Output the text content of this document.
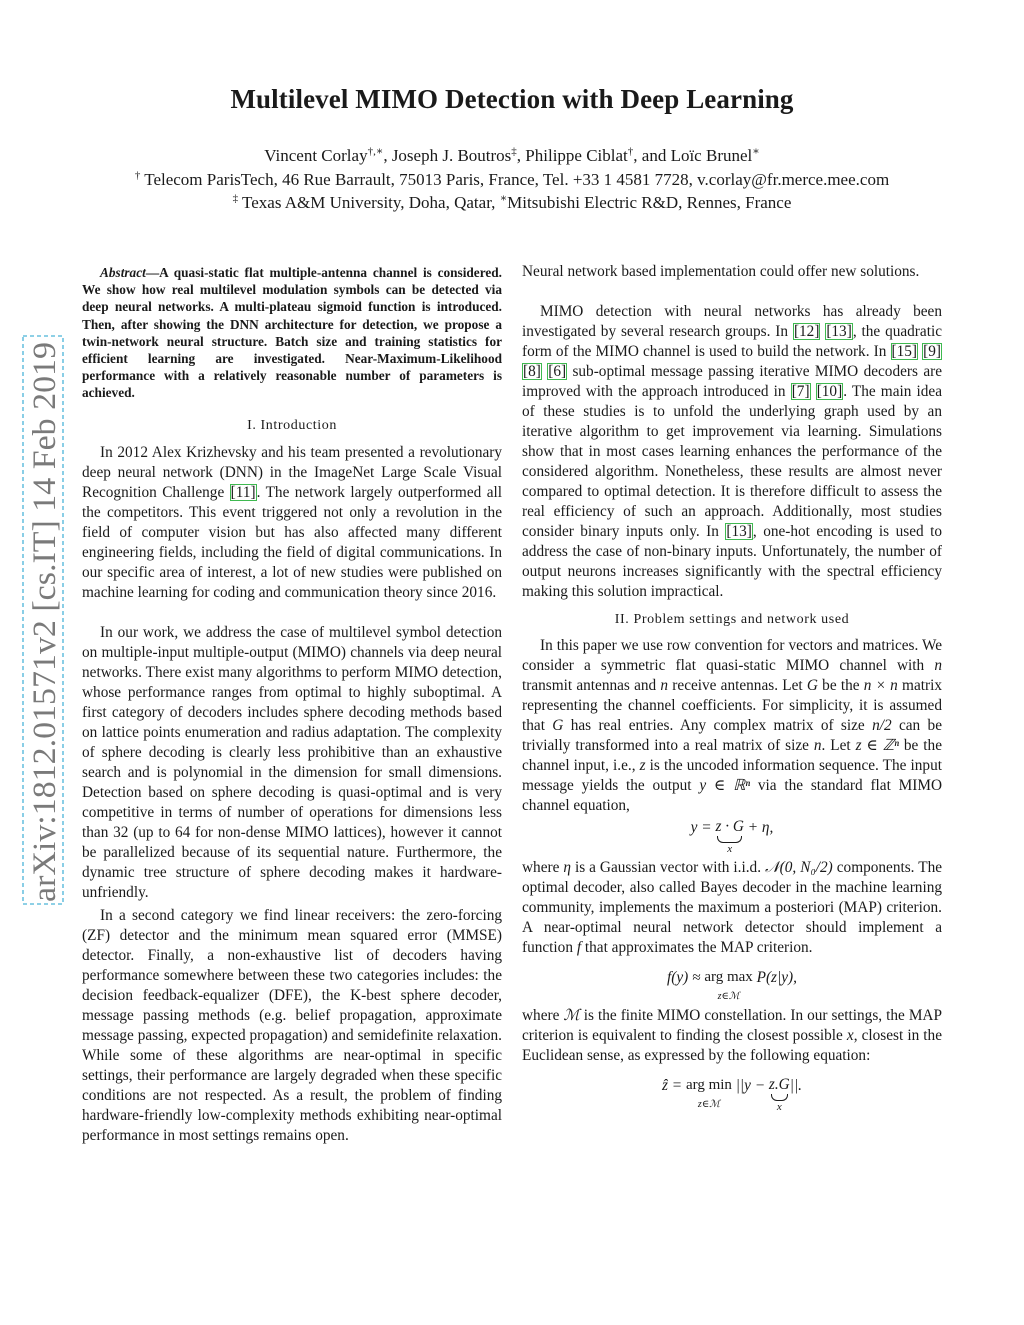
arXiv:1812.01571v2 [cs.IT] 14 Feb 2019
Multilevel MIMO Detection with Deep Learning
Vincent Corlay†,∗, Joseph J. Boutros‡, Philippe Ciblat†, and Loïc Brunel∗
† Telecom ParisTech, 46 Rue Barrault, 75013 Paris, France, Tel. +33 1 4581 7728, v.corlay@fr.merce.mee.com
‡ Texas A&M University, Doha, Qatar, ∗Mitsubishi Electric R&D, Rennes, France

Abstract—A quasi-static flat multiple-antenna channel is considered. We show how real multilevel modulation symbols can be detected via deep neural networks. A multi-plateau sigmoid function is introduced. Then, after showing the DNN architecture for detection, we propose a twin-network neural structure. Batch size and training statistics for efficient learning are investigated. Near-Maximum-Likelihood performance with a relatively reasonable number of parameters is achieved.

I. Introduction

In 2012 Alex Krizhevsky and his team presented a revolutionary deep neural network (DNN) in the ImageNet Large Scale Visual Recognition Challenge [11]. The network largely outperformed all the competitors. This event triggered not only a revolution in the field of computer vision but has also affected many different engineering fields, including the field of digital communications. In our specific area of interest, a lot of new studies were published on machine learning for coding and communication theory since 2016.

In our work, we address the case of multilevel symbol detection on multiple-input multiple-output (MIMO) channels via deep neural networks. There exist many algorithms to perform MIMO detection, whose performance ranges from optimal to highly suboptimal. A first category of decoders includes sphere decoding methods based on lattice points enumeration and radius adaptation. The complexity of sphere decoding is clearly less prohibitive than an exhaustive search and is polynomial in the dimension for small dimensions. Detection based on sphere decoding is quasi-optimal and is very competitive in terms of number of operations for dimensions less than 32 (up to 64 for non-dense MIMO lattices), however it cannot be parallelized because of its sequential nature. Furthermore, the dynamic tree structure of sphere decoding makes it hardware-unfriendly.

In a second category we find linear receivers: the zero-forcing (ZF) detector and the minimum mean squared error (MMSE) detector. Finally, a non-exhaustive list of decoders having performance somewhere between these two categories includes: the decision feedback-equalizer (DFE), the K-best sphere decoder, message passing methods (e.g. belief propagation, approximate message passing, expected propagation) and semidefinite relaxation. While some of these algorithms are near-optimal in specific settings, their performance are largely degraded when these specific conditions are not respected. As a result, the problem of finding hardware-friendly low-complexity methods exhibiting near-optimal performance in most settings remains open.

Neural network based implementation could offer new solutions.

MIMO detection with neural networks has already been investigated by several research groups. In [12] [13], the quadratic form of the MIMO channel is used to build the network. In [15] [9] [8] [6] sub-optimal message passing iterative MIMO decoders are improved with the approach introduced in [7] [10]. The main idea of these studies is to unfold the underlying graph used by an iterative algorithm to get improvement via learning. Simulations show that in most cases learning enhances the performance of the considered algorithm. Nonetheless, these results are almost never compared to optimal detection. It is therefore difficult to assess the real efficiency of such an approach. Additionally, most studies consider binary inputs only. In [13], one-hot encoding is used to address the case of non-binary inputs. Unfortunately, the number of output neurons increases significantly with the spectral efficiency making this solution impractical.

II. Problem settings and network used

In this paper we use row convention for vectors and matrices. We consider a symmetric flat quasi-static MIMO channel with n transmit antennas and n receive antennas. Let G be the n × n matrix representing the channel coefficients. For simplicity, it is assumed that G has real entries. Any complex matrix of size n/2 can be trivially transformed into a real matrix of size n. Let z ∈ ℤⁿ be the channel input, i.e., z is the uncoded information sequence. The input message yields the output y ∈ ℝⁿ via the standard flat MIMO channel equation,

y = z · G
x
+ η,

where η is a Gaussian vector with i.i.d. 𝒩(0, N₀/2) components. The optimal decoder, also called Bayes decoder in the machine learning community, implements the maximum a posteriori (MAP) criterion. A near-optimal neural network detector should implement a function f that approximates the MAP criterion.

f(y) ≈ arg max
z∈ℳ P(z|y),

where ℳ is the finite MIMO constellation. In our settings, the MAP criterion is equivalent to finding the closest possible x, closest in the Euclidean sense, as expressed by the following equation:

ẑ = arg min
z∈ℳ ||y − z.G
x
||.
